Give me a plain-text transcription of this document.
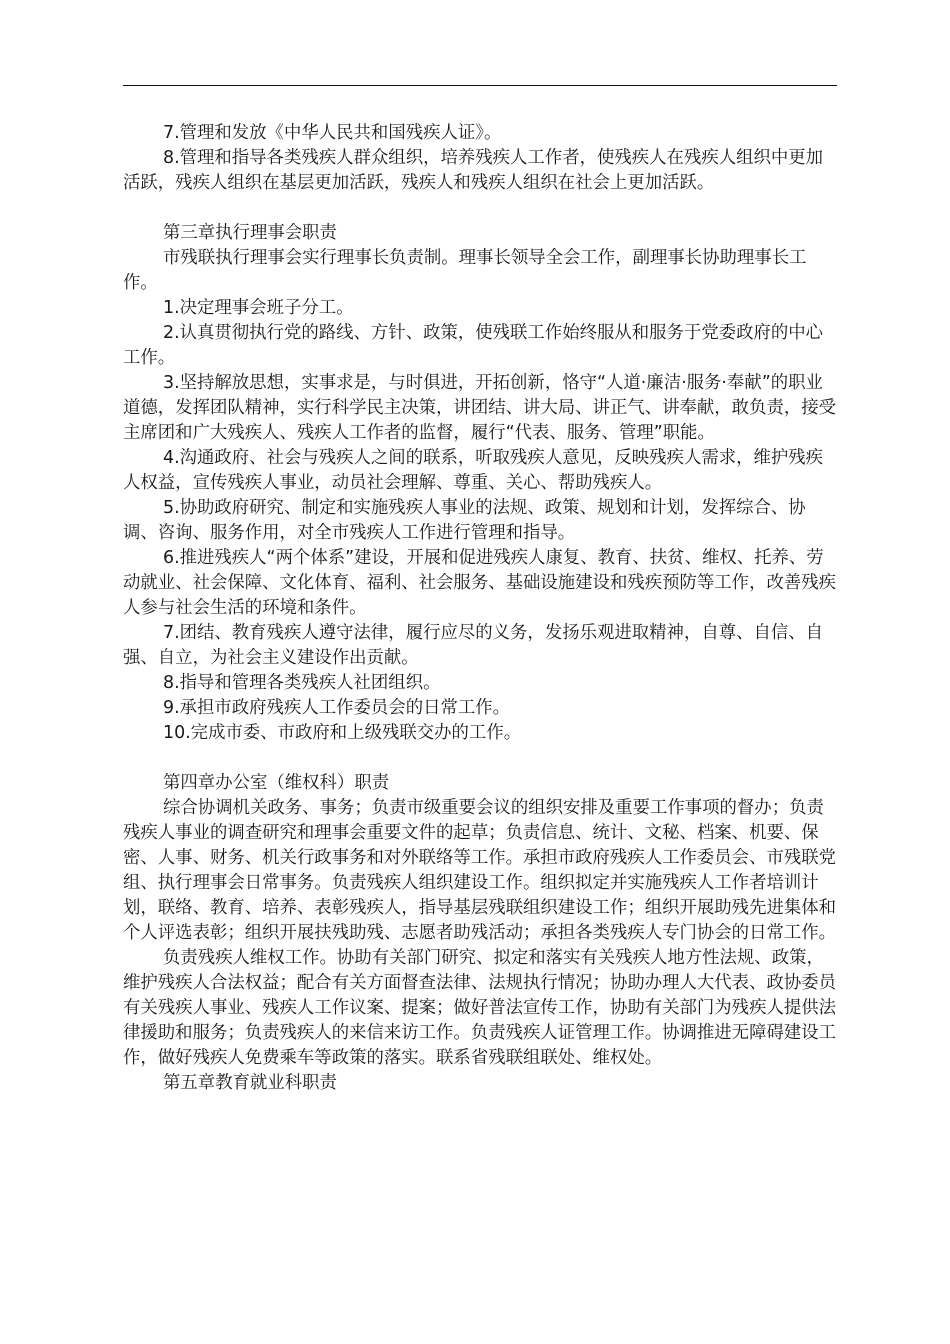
7.管理和发放《中华人民共和国残疾人证》。

8.管理和指导各类残疾人群众组织，培养残疾人工作者，使残疾人在残疾人组织中更加活跃，残疾人组织在基层更加活跃，残疾人和残疾人组织在社会上更加活跃。

第三章执行理事会职责

市残联执行理事会实行理事长负责制。理事长领导全会工作，副理事长协助理事长工作。

1.决定理事会班子分工。

2.认真贯彻执行党的路线、方针、政策，使残联工作始终服从和服务于党委政府的中心工作。

3.坚持解放思想，实事求是，与时俱进，开拓创新，恪守“人道·廉洁·服务·奉献”的职业道德，发挥团队精神，实行科学民主决策，讲团结、讲大局、讲正气、讲奉献，敢负责，接受主席团和广大残疾人、残疾人工作者的监督，履行“代表、服务、管理”职能。

4.沟通政府、社会与残疾人之间的联系，听取残疾人意见，反映残疾人需求，维护残疾人权益，宣传残疾人事业，动员社会理解、尊重、关心、帮助残疾人。

5.协助政府研究、制定和实施残疾人事业的法规、政策、规划和计划，发挥综合、协调、咨询、服务作用，对全市残疾人工作进行管理和指导。

6.推进残疾人“两个体系”建设，开展和促进残疾人康复、教育、扶贫、维权、托养、劳动就业、社会保障、文化体育、福利、社会服务、基础设施建设和残疾预防等工作，改善残疾人参与社会生活的环境和条件。

7.团结、教育残疾人遵守法律，履行应尽的义务，发扬乐观进取精神，自尊、自信、自强、自立，为社会主义建设作出贡献。

8.指导和管理各类残疾人社团组织。

9.承担市政府残疾人工作委员会的日常工作。

10.完成市委、市政府和上级残联交办的工作。

第四章办公室（维权科）职责

综合协调机关政务、事务；负责市级重要会议的组织安排及重要工作事项的督办；负责残疾人事业的调查研究和理事会重要文件的起草；负责信息、统计、文秘、档案、机要、保密、人事、财务、机关行政事务和对外联络等工作。承担市政府残疾人工作委员会、市残联党组、执行理事会日常事务。负责残疾人组织建设工作。组织拟定并实施残疾人工作者培训计划，联络、教育、培养、表彰残疾人，指导基层残联组织建设工作；组织开展助残先进集体和个人评选表彰；组织开展扶残助残、志愿者助残活动；承担各类残疾人专门协会的日常工作。

负责残疾人维权工作。协助有关部门研究、拟定和落实有关残疾人地方性法规、政策，维护残疾人合法权益；配合有关方面督查法律、法规执行情况；协助办理人大代表、政协委员有关残疾人事业、残疾人工作议案、提案；做好普法宣传工作，协助有关部门为残疾人提供法律援助和服务；负责残疾人的来信来访工作。负责残疾人证管理工作。协调推进无障碍建设工作，做好残疾人免费乘车等政策的落实。联系省残联组联处、维权处。

第五章教育就业科职责
